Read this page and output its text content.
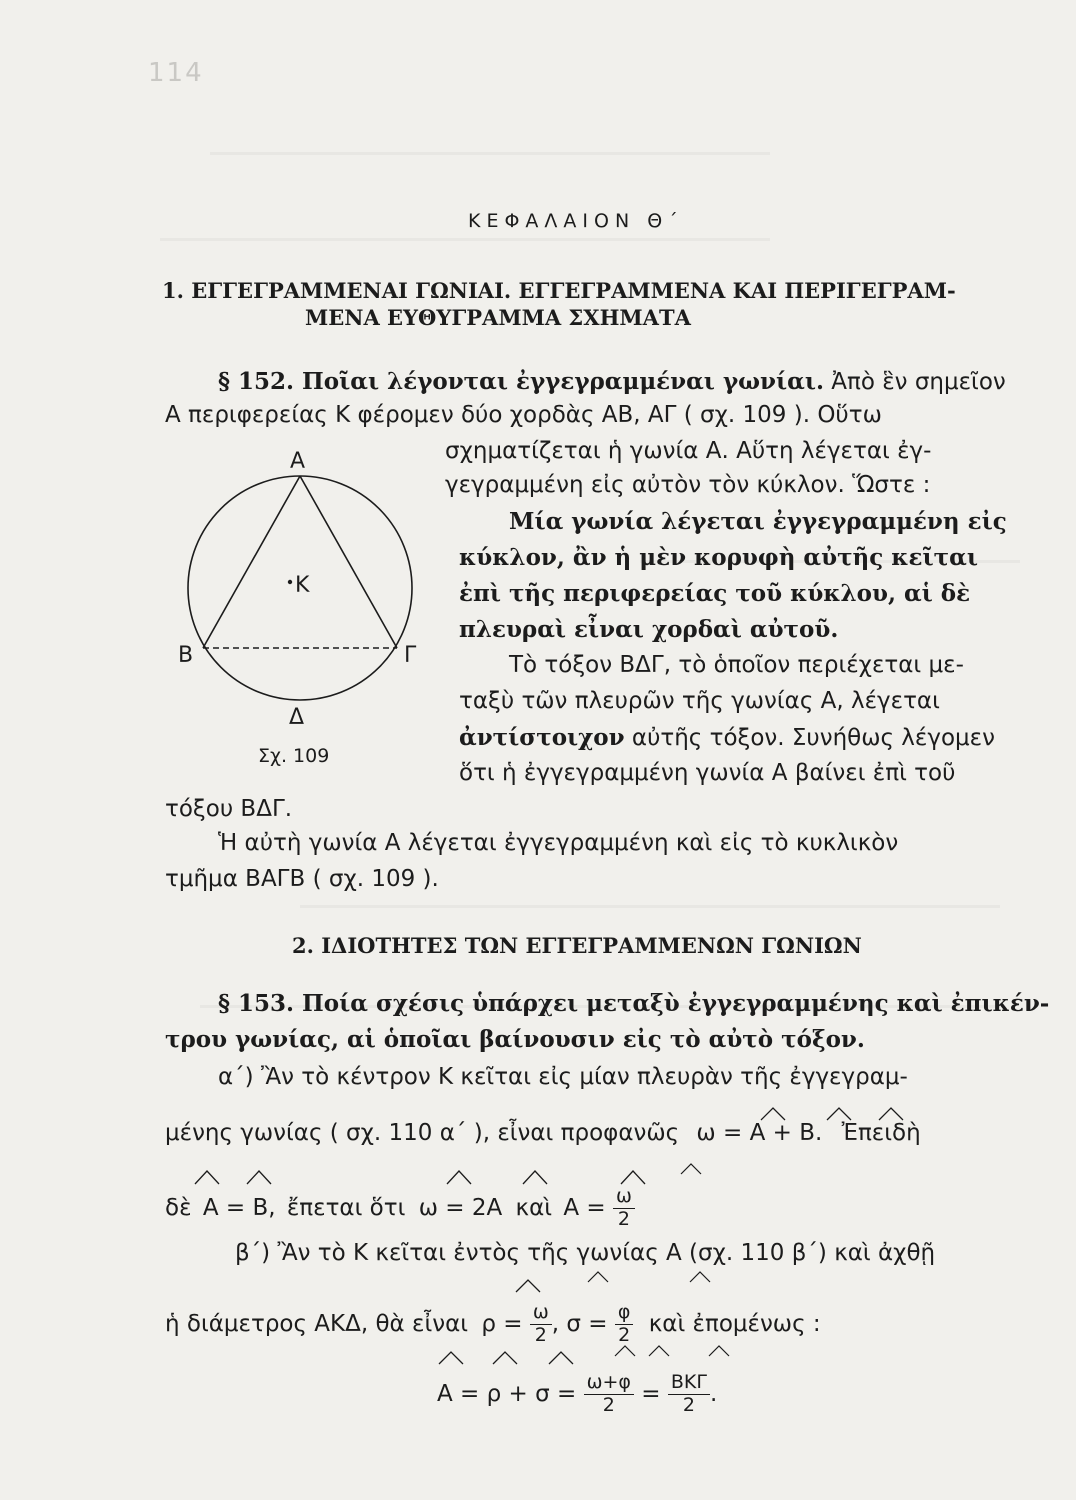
114
ΚΕΦΑΛΑΙΟΝ Θ΄
1. ΕΓΓΕΓΡΑΜΜΕΝΑΙ ΓΩΝΙΑΙ. ΕΓΓΕΓΡΑΜΜΕΝΑ ΚΑΙ ΠΕΡΙΓΕΓΡΑΜ-
ΜΕΝΑ ΕΥΘΥΓΡΑΜΜΑ ΣΧΗΜΑΤΑ
§ 152. Ποῖαι λέγονται ἐγγεγραμμέναι γωνίαι. Ἀπὸ ἓν σημεῖον
Α περιφερείας Κ φέρομεν δύο χορδὰς ΑΒ, ΑΓ ( σχ. 109 ). Οὕτω
σχηματίζεται ἡ γωνία Α. Αὕτη λέγεται ἐγ-
γεγραμμένη εἰς αὐτὸν τὸν κύκλον. Ὥστε :
Μία γωνία λέγεται ἐγγεγραμμένη εἰς
κύκλον, ἂν ἡ μὲν κορυφὴ αὐτῆς κεῖται
ἐπὶ τῆς περιφερείας τοῦ κύκλου, αἱ δὲ
πλευραὶ εἶναι χορδαὶ αὐτοῦ.
Τὸ τόξον ΒΔΓ, τὸ ὁποῖον περιέχεται με-
ταξὺ τῶν πλευρῶν τῆς γωνίας Α, λέγεται
ἀντίστοιχον αὐτῆς τόξον. Συνήθως λέγομεν
ὅτι ἡ ἐγγεγραμμένη γωνία Α βαίνει ἐπὶ τοῦ
τόξου ΒΔΓ.
Ἡ αὐτὴ γωνία Α λέγεται ἐγγεγραμμένη καὶ εἰς τὸ κυκλικὸν
τμῆμα ΒΑΓΒ ( σχ. 109 ).
Α
Β	Γ
Δ
Κ
Σχ. 109
2. ΙΔΙΟΤΗΤΕΣ ΤΩΝ ΕΓΓΕΓΡΑΜΜΕΝΩΝ ΓΩΝΙΩΝ
§ 153. Ποία σχέσις ὑπάρχει μεταξὺ ἐγγεγραμμένης καὶ ἐπικέν-
τρου γωνίας, αἱ ὁποῖαι βαίνουσιν εἰς τὸ αὐτὸ τόξον.
α΄) Ἂν τὸ κέντρον Κ κεῖται εἰς μίαν πλευρὰν τῆς ἐγγεγραμ-
μένης γωνίας ( σχ. 110 α΄ ), εἶναι προφανῶς ω = Α + Β. Ἐπειδὴ
δὲ Α = Β, ἔπεται ὅτι ω = 2Α καὶ $A = \frac{\omega}{2}$
β΄) Ἂν τὸ Κ κεῖται ἐντὸς τῆς γωνίας Α (σχ. 110 β΄) καὶ ἀχθῇ
ἡ διάμετρος ΑΚΔ, θὰ εἶναι $\rho = \frac{\omega}{2}$ , $\sigma = \frac{\varphi}{2}$ καὶ ἐπομένως :
$A = \rho + \sigma = \frac{\omega+\varphi}{2} = \frac{\text{ΒΚΓ}}{2}$ .
